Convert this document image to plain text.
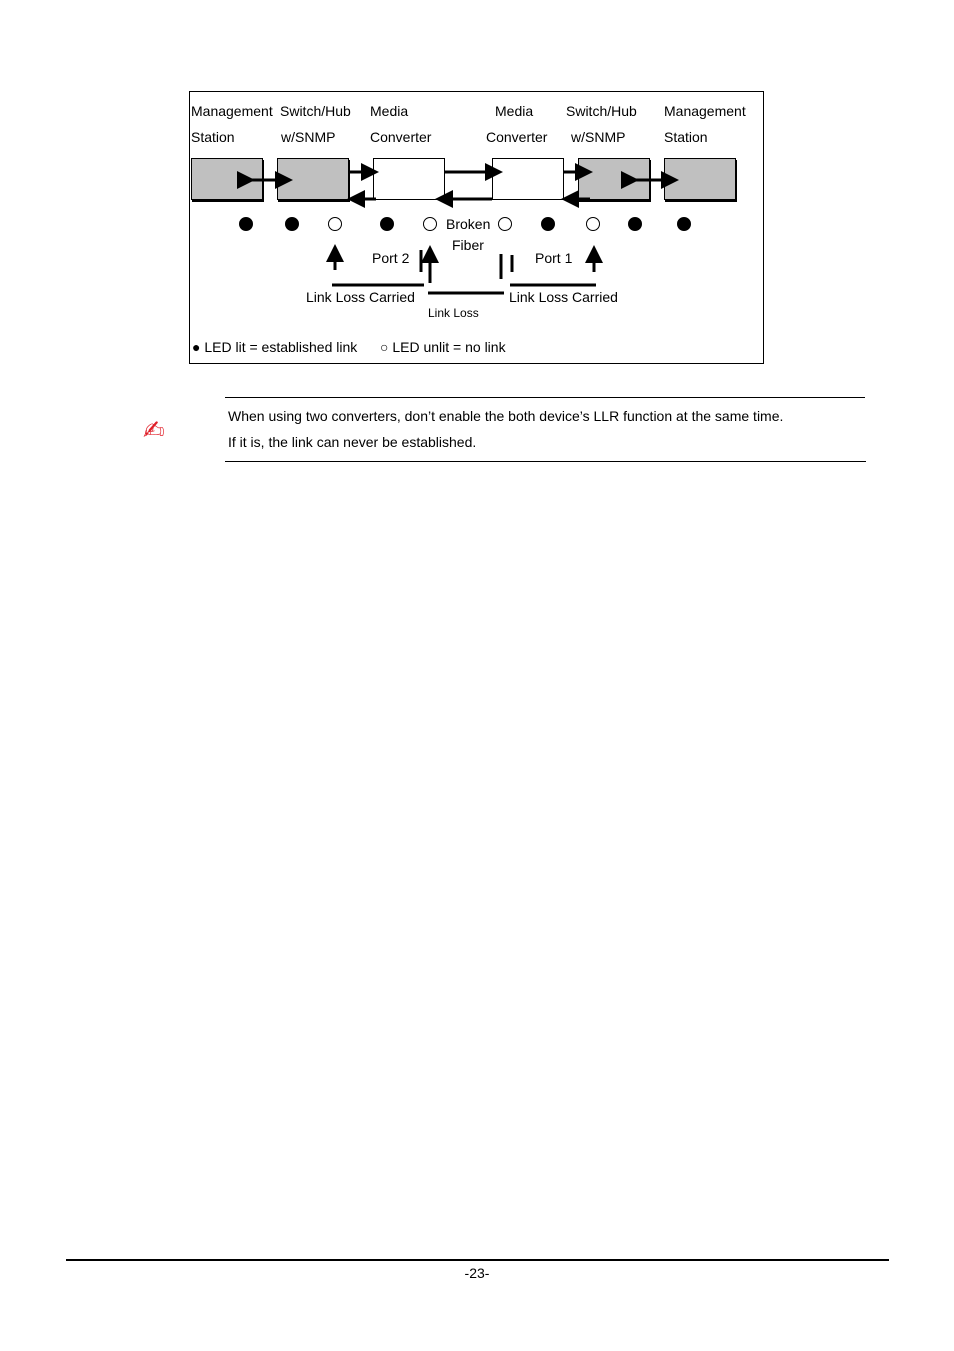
Management
Station
Switch/Hub
w/SNMP
Media
Converter
Media
Converter
Switch/Hub
w/SNMP
Management
Station
Broken
Fiber
Port 2	Port 1
Link Loss Carried	Link Loss Carried
Link Loss
● LED lit = established link ○ LED unlit = no link
✍	When using two converters, don’t enable the both device’s LLR function at the same time.
If it is, the link can never be established.
-23-
